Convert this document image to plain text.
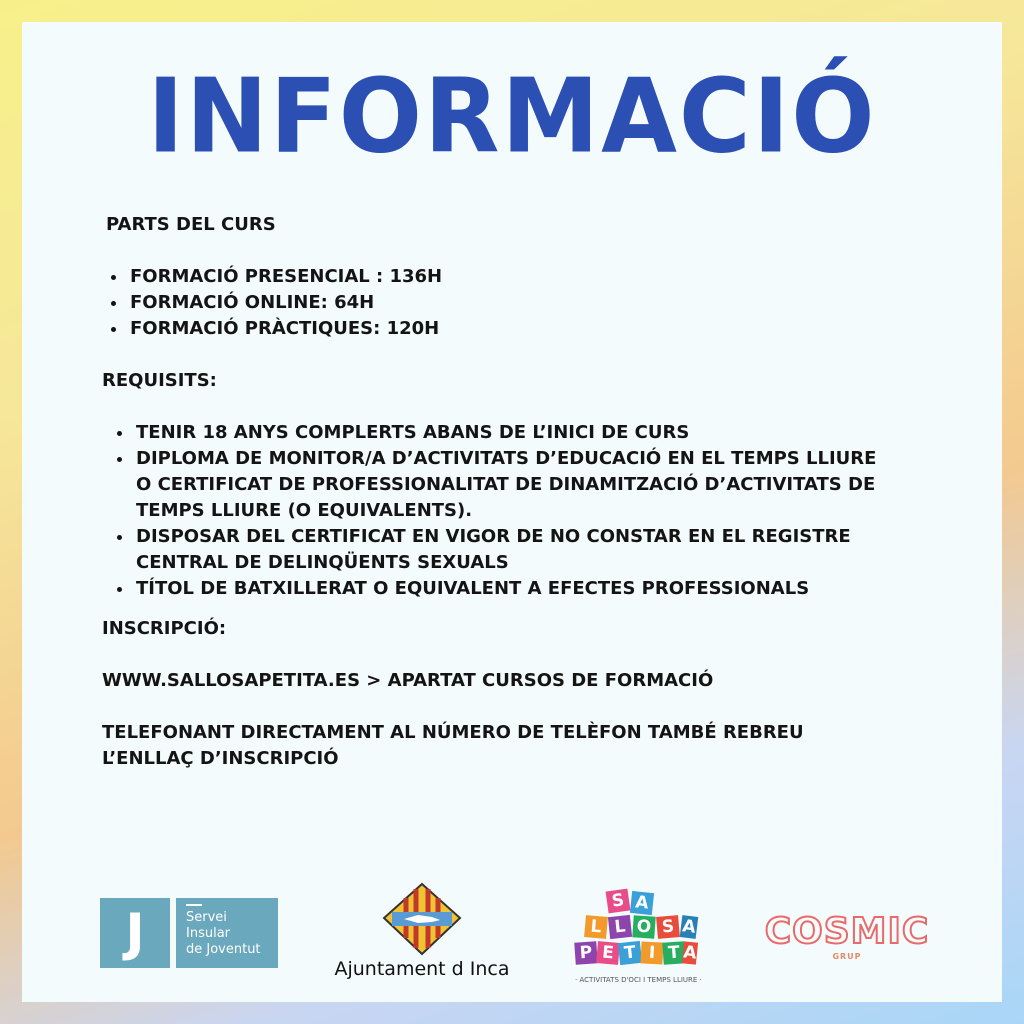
INFORMACIÓ

PARTS DEL CURS

• FORMACIÓ PRESENCIAL : 136H
• FORMACIÓ ONLINE: 64H
• FORMACIÓ PRÀCTIQUES: 120H

REQUISITS:

• TENIR 18 ANYS COMPLERTS ABANS DE L’INICI DE CURS
• DIPLOMA DE MONITOR/A D’ACTIVITATS D’EDUCACIÓ EN EL TEMPS LLIURE O CERTIFICAT DE PROFESSIONALITAT DE DINAMITZACIÓ D’ACTIVITATS DE TEMPS LLIURE (O EQUIVALENTS).
• DISPOSAR DEL CERTIFICAT EN VIGOR DE NO CONSTAR EN EL REGISTRE CENTRAL DE DELINQÜENTS SEXUALS
• TÍTOL DE BATXILLERAT O EQUIVALENT A EFECTES PROFESSIONALS

INSCRIPCIÓ:

WWW.SALLOSAPETITA.ES > APARTAT CURSOS DE FORMACIÓ

TELEFONANT DIRECTAMENT AL NÚMERO DE TELÈFON TAMBÉ REBREU L’ENLLAÇ D’INSCRIPCIÓ

J	Servei
Insular
de Joventut
Ajuntament d Inca
S A
L L O S A
P E T I T A
· ACTIVITATS D'OCI I TEMPS LLIURE ·
COSMIC
GRUP
